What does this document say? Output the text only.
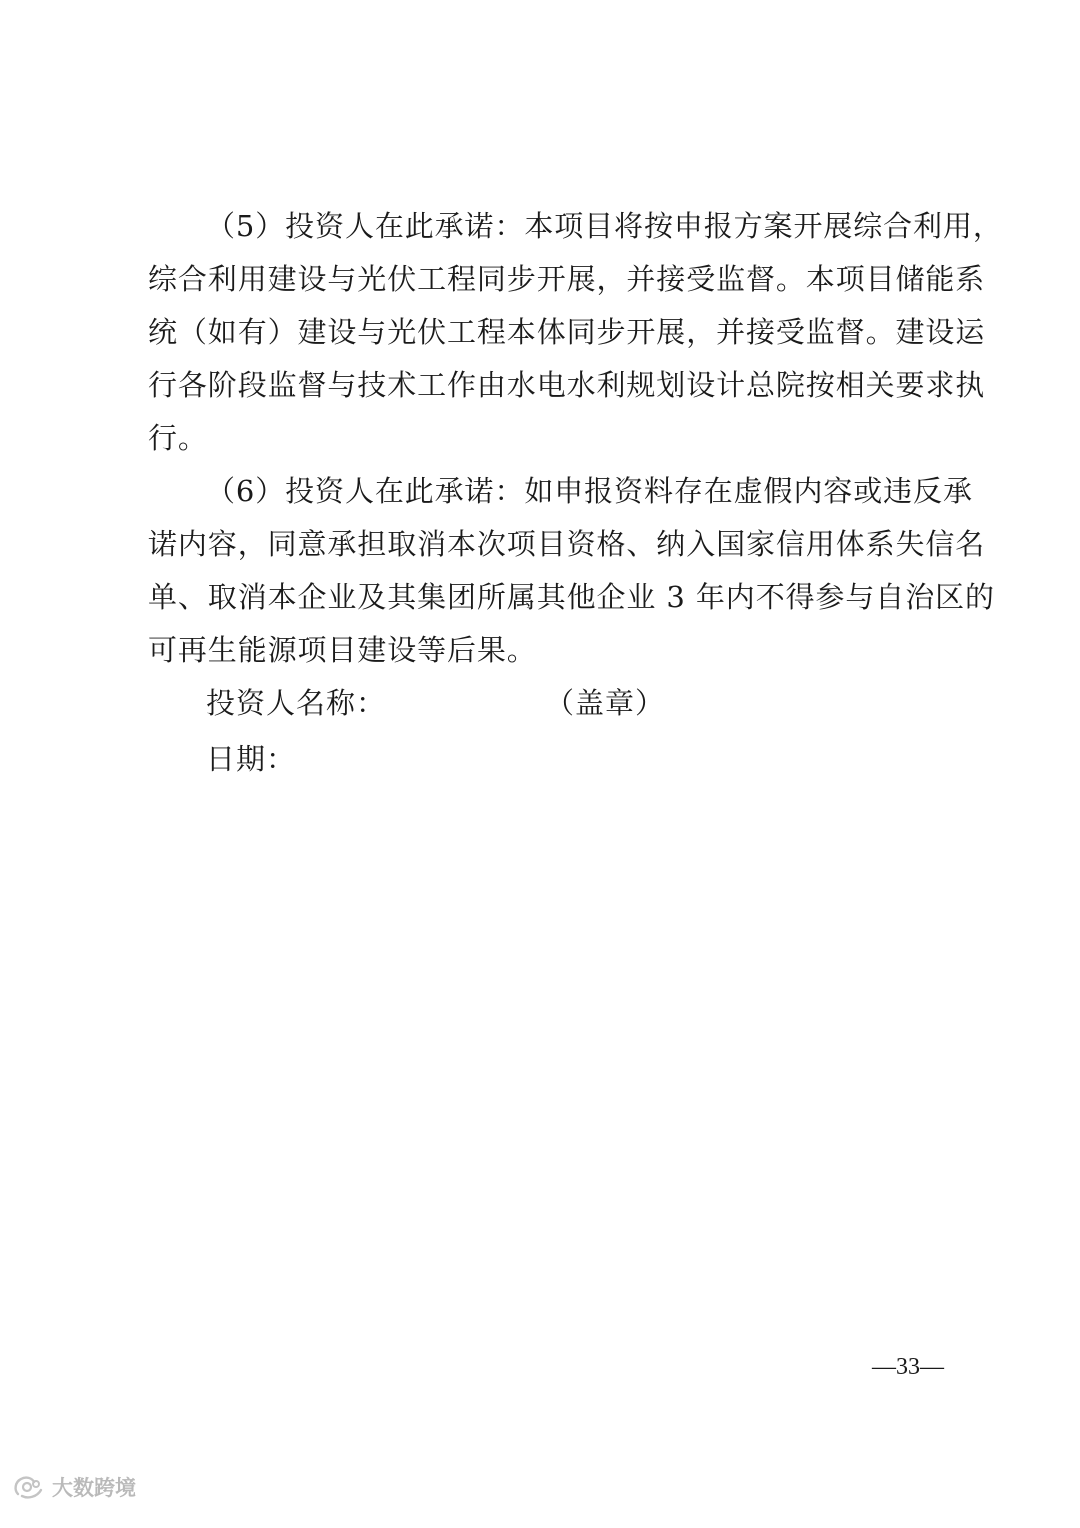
（5）投资人在此承诺：本项目将按申报方案开展综合利用，
综合利用建设与光伏工程同步开展，并接受监督。本项目储能系
统（如有）建设与光伏工程本体同步开展，并接受监督。建设运
行各阶段监督与技术工作由水电水利规划设计总院按相关要求执
行。
（6）投资人在此承诺：如申报资料存在虚假内容或违反承
诺内容，同意承担取消本次项目资格、纳入国家信用体系失信名
单、取消本企业及其集团所属其他企业 3 年内不得参与自治区的
可再生能源项目建设等后果。
投资人名称：	（盖章）
日期：
—33—
大数跨境
